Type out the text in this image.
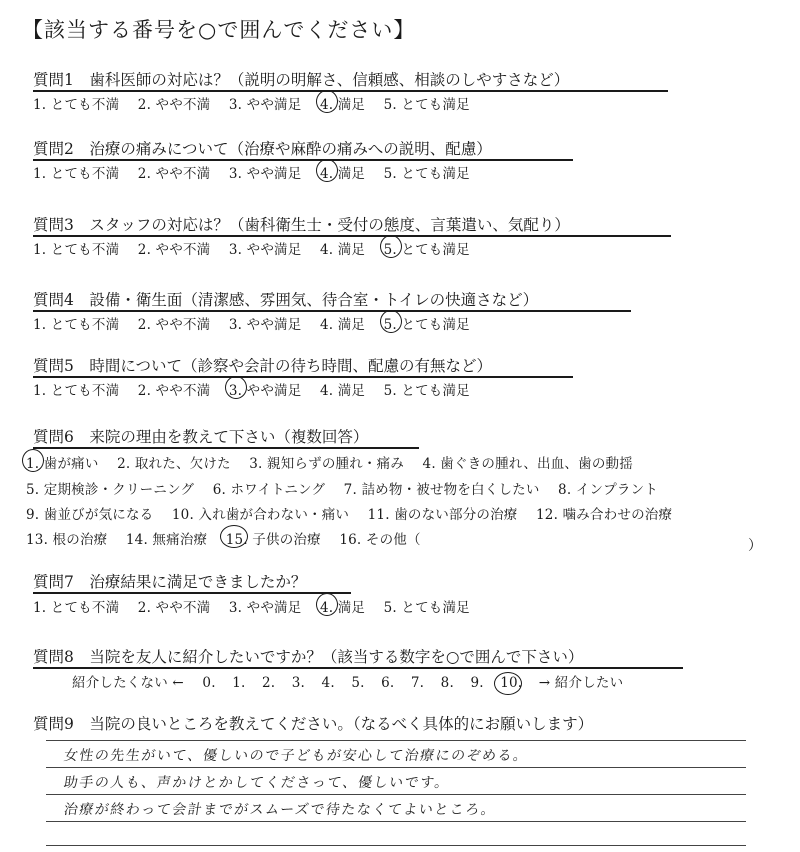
【該当する番号を○で囲んでください】
質問1　歯科医師の対応は？（説明の明解さ、信頼感、相談のしやすさなど）
1. とても不満 2. やや不満 3. やや満足 4. 満足 5. とても満足
質問2　治療の痛みについて（治療や麻酔の痛みへの説明、配慮）
1. とても不満 2. やや不満 3. やや満足 4. 満足 5. とても満足
質問3　スタッフの対応は？（歯科衛生士・受付の態度、言葉遣い、気配り）
1. とても不満 2. やや不満 3. やや満足 4. 満足 5. とても満足
質問4　設備・衛生面（清潔感、雰囲気、待合室・トイレの快適さなど）
1. とても不満 2. やや不満 3. やや満足 4. 満足 5. とても満足
質問5　時間について（診察や会計の待ち時間、配慮の有無など）
1. とても不満 2. やや不満 3. やや満足 4. 満足 5. とても満足
質問6　来院の理由を教えて下さい（複数回答）
1. 歯が痛い 2. 取れた、欠けた 3. 親知らずの腫れ・痛み 4. 歯ぐきの腫れ、出血、歯の動揺
5. 定期検診・クリーニング 6. ホワイトニング 7. 詰め物・被せ物を白くしたい 8. インプラント
9. 歯並びが気になる 10. 入れ歯が合わない・痛い 11. 歯のない部分の治療 12. 噛み合わせの治療
13. 根の治療 14. 無痛治療 15. 子供の治療 16. その他（	）
質問7　治療結果に満足できましたか？
1. とても不満 2. やや不満 3. やや満足 4. 満足 5. とても満足
質問8　当院を友人に紹介したいですか？（該当する数字を○で囲んで下さい）
紹介したくない ← 0. 1. 2. 3. 4. 5. 6. 7. 8. 9. 10. → 紹介したい
質問9　当院の良いところを教えてください。（なるべく具体的にお願いします）
女性の先生がいて、優しいので子どもが安心して治療にのぞめる。
助手の人も、声かけとかしてくださって、優しいです。
治療が終わって会計までがスムーズで待たなくてよいところ。
